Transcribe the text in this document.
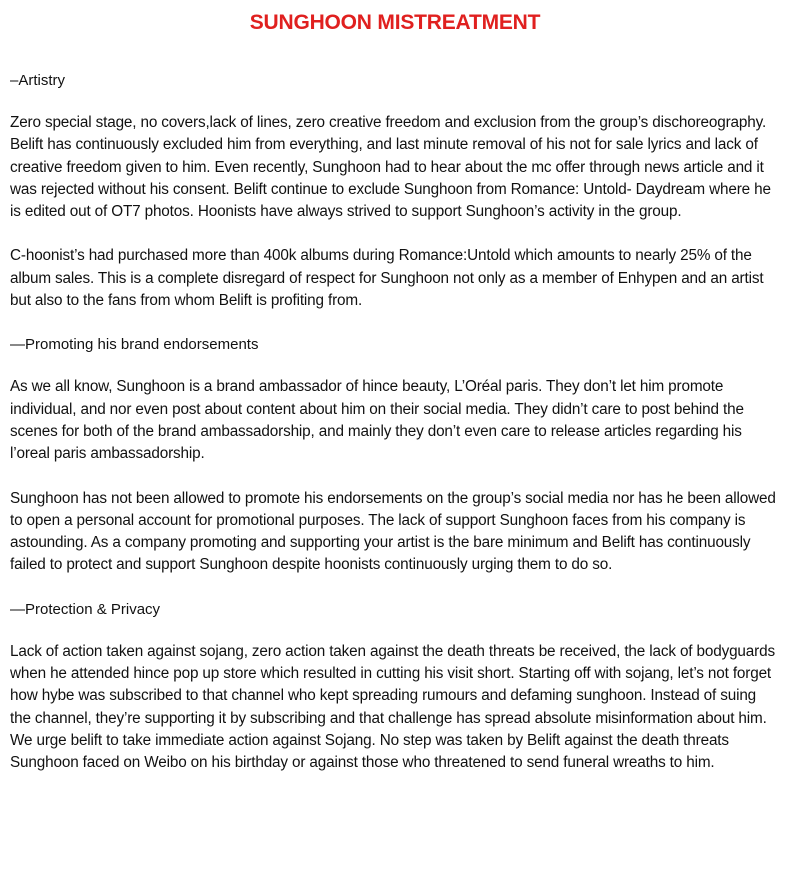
SUNGHOON MISTREATMENT
–Artistry

Zero special stage, no covers,lack of lines, zero creative freedom and exclusion from the group’s dischoreography. Belift has continuously excluded him from everything, and last minute removal of his not for sale lyrics and lack of creative freedom given to him. Even recently, Sunghoon had to hear about the mc offer through news article and it was rejected without his consent. Belift continue to exclude Sunghoon from Romance: Untold- Daydream where he is edited out of OT7 photos. Hoonists have always strived to support Sunghoon’s activity in the group.

C-hoonist’s had purchased more than 400k albums during Romance:Untold which amounts to nearly 25% of the album sales. This is a complete disregard of respect for Sunghoon not only as a member of Enhypen and an artist but also to the fans from whom Belift is profiting from.

—Promoting his brand endorsements

As we all know, Sunghoon is a brand ambassador of hince beauty, L’Oréal paris. They don’t let him promote individual, and nor even post about content about him on their social media. They didn’t care to post behind the scenes for both of the brand ambassadorship, and mainly they don’t even care to release articles regarding his l’oreal paris ambassadorship.

Sunghoon has not been allowed to promote his endorsements on the group’s social media nor has he been allowed to open a personal account for promotional purposes. The lack of support Sunghoon faces from his company is astounding. As a company promoting and supporting your artist is the bare minimum and Belift has continuously failed to protect and support Sunghoon despite hoonists continuously urging them to do so.

—Protection & Privacy

Lack of action taken against sojang, zero action taken against the death threats be received, the lack of bodyguards when he attended hince pop up store which resulted in cutting his visit short. Starting off with sojang, let’s not forget how hybe was subscribed to that channel who kept spreading rumours and defaming sunghoon. Instead of suing the channel, they’re supporting it by subscribing and that challenge has spread absolute misinformation about him. We urge belift to take immediate action against Sojang. No step was taken by Belift against the death threats Sunghoon faced on Weibo on his birthday or against those who threatened to send funeral wreaths to him.
